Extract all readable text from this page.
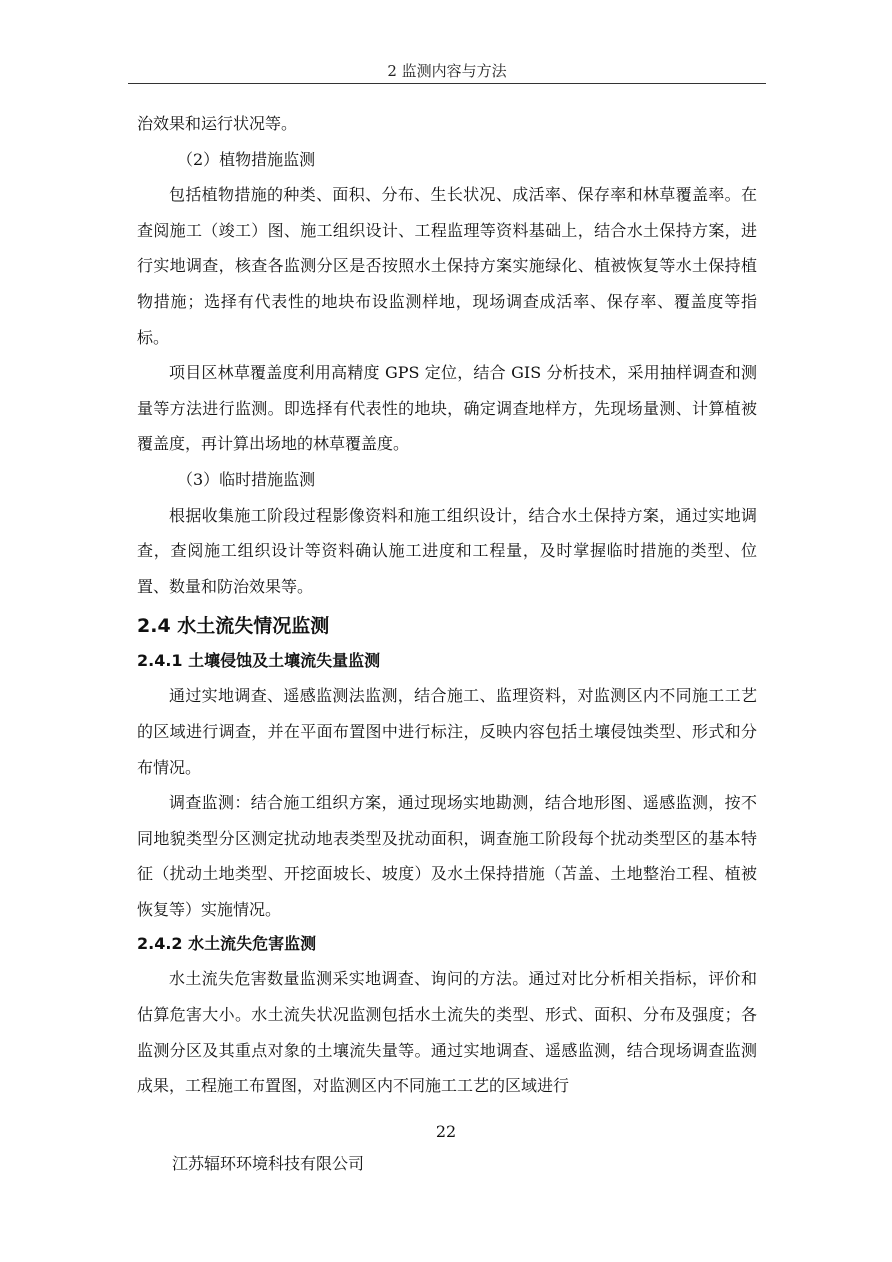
2 监测内容与方法

治效果和运行状况等。

（2）植物措施监测

包括植物措施的种类、面积、分布、生长状况、成活率、保存率和林草覆盖率。在查阅施工（竣工）图、施工组织设计、工程监理等资料基础上，结合水土保持方案，进行实地调查，核查各监测分区是否按照水土保持方案实施绿化、植被恢复等水土保持植物措施；选择有代表性的地块布设监测样地，现场调查成活率、保存率、覆盖度等指标。

项目区林草覆盖度利用高精度 GPS 定位，结合 GIS 分析技术，采用抽样调查和测量等方法进行监测。即选择有代表性的地块，确定调查地样方，先现场量测、计算植被覆盖度，再计算出场地的林草覆盖度。

（3）临时措施监测

根据收集施工阶段过程影像资料和施工组织设计，结合水土保持方案，通过实地调查，查阅施工组织设计等资料确认施工进度和工程量，及时掌握临时措施的类型、位置、数量和防治效果等。

2.4 水土流失情况监测
2.4.1 土壤侵蚀及土壤流失量监测

通过实地调查、遥感监测法监测，结合施工、监理资料，对监测区内不同施工工艺的区域进行调查，并在平面布置图中进行标注，反映内容包括土壤侵蚀类型、形式和分布情况。

调查监测：结合施工组织方案，通过现场实地勘测，结合地形图、遥感监测，按不同地貌类型分区测定扰动地表类型及扰动面积，调查施工阶段每个扰动类型区的基本特征（扰动土地类型、开挖面坡长、坡度）及水土保持措施（苫盖、土地整治工程、植被恢复等）实施情况。

2.4.2 水土流失危害监测

水土流失危害数量监测采实地调查、询问的方法。通过对比分析相关指标，评价和估算危害大小。水土流失状况监测包括水土流失的类型、形式、面积、分布及强度；各监测分区及其重点对象的土壤流失量等。通过实地调查、遥感监测，结合现场调查监测成果，工程施工布置图，对监测区内不同施工工艺的区域进行

22
江苏辐环环境科技有限公司
